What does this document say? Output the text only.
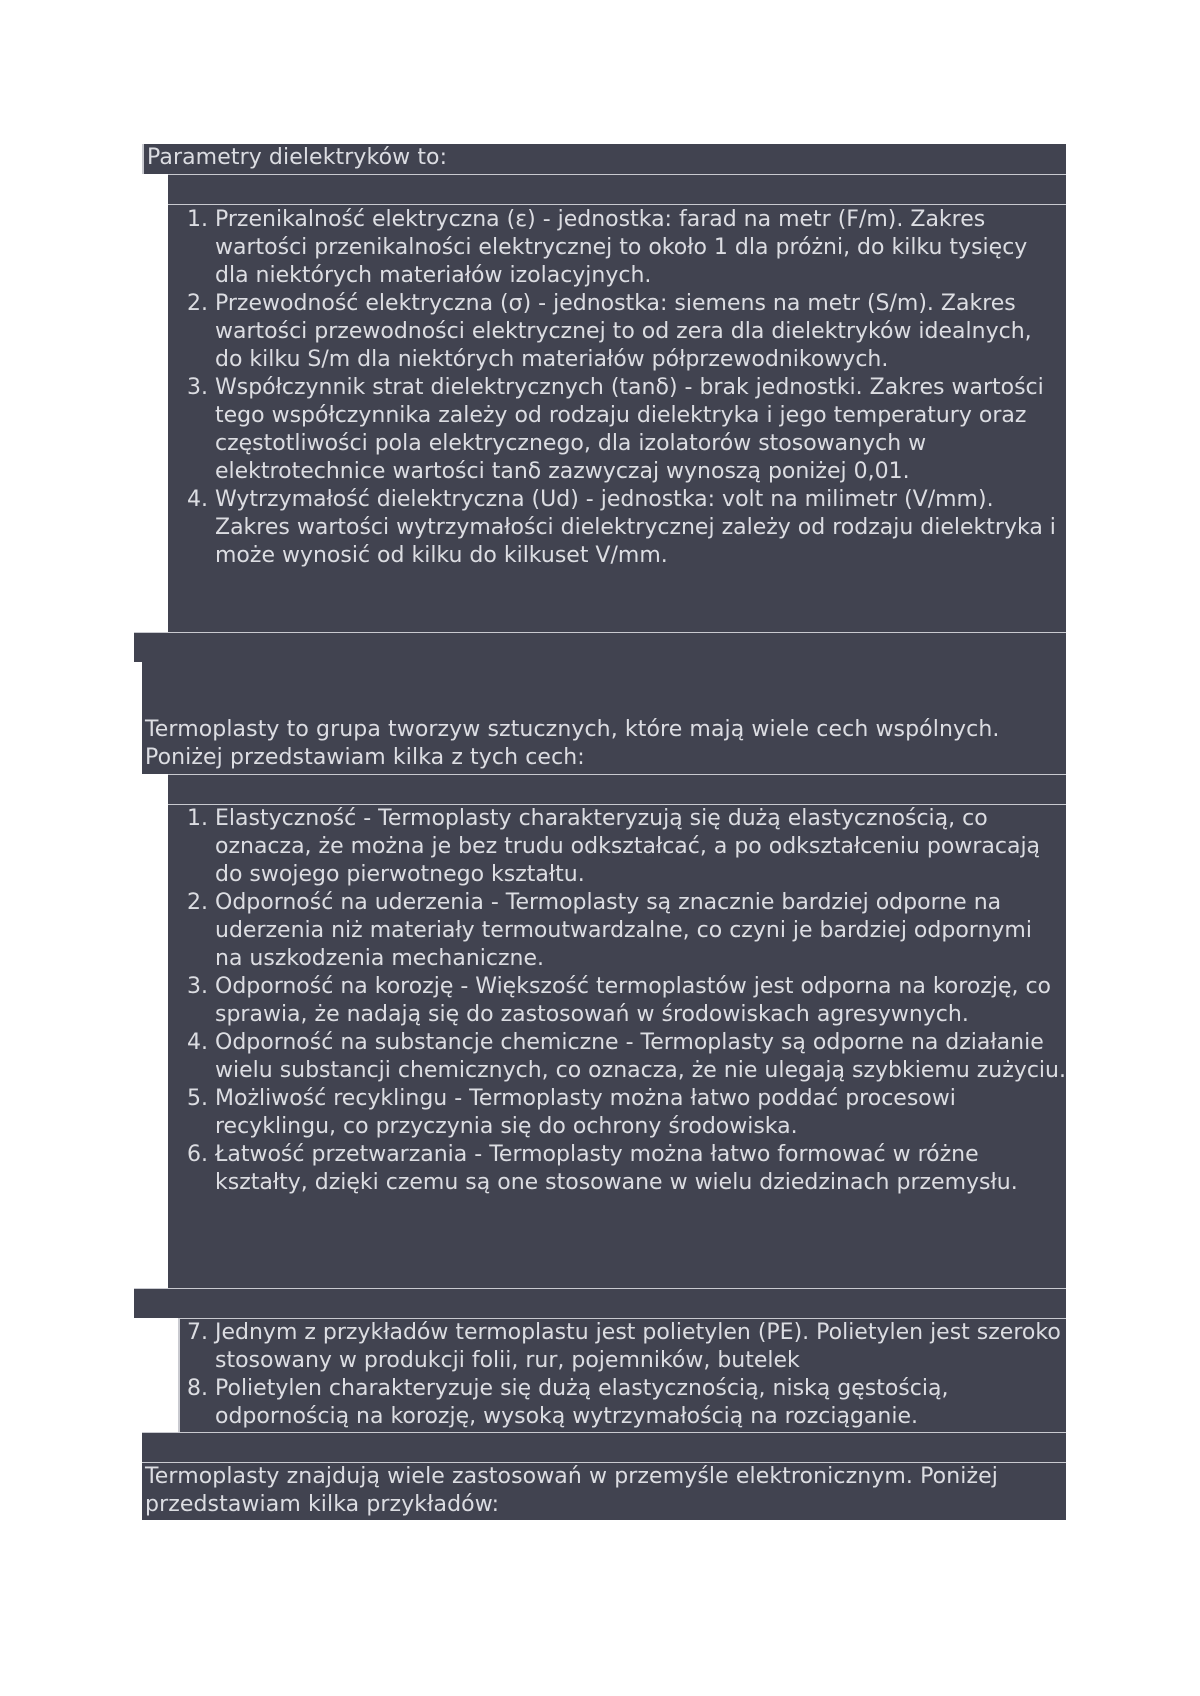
Parametry dielektryków to:

1. Przenikalność elektryczna (ε) - jednostka: farad na metr (F/m). Zakres wartości przenikalności elektrycznej to około 1 dla próżni, do kilku tysięcy dla niektórych materiałów izolacyjnych.
2. Przewodność elektryczna (σ) - jednostka: siemens na metr (S/m). Zakres wartości przewodności elektrycznej to od zera dla dielektryków idealnych, do kilku S/m dla niektórych materiałów półprzewodnikowych.
3. Współczynnik strat dielektrycznych (tanδ) - brak jednostki. Zakres wartości tego współczynnika zależy od rodzaju dielektryka i jego temperatury oraz częstotliwości pola elektrycznego, dla izolatorów stosowanych w elektrotechnice wartości tanδ zazwyczaj wynoszą poniżej 0,01.
4. Wytrzymałość dielektryczna (Ud) - jednostka: volt na milimetr (V/mm). Zakres wartości wytrzymałości dielektrycznej zależy od rodzaju dielektryka i może wynosić od kilku do kilkuset V/mm.

Termoplasty to grupa tworzyw sztucznych, które mają wiele cech wspólnych. Poniżej przedstawiam kilka z tych cech:

1. Elastyczność - Termoplasty charakteryzują się dużą elastycznością, co oznacza, że można je bez trudu odkształcać, a po odkształceniu powracają do swojego pierwotnego kształtu.
2. Odporność na uderzenia - Termoplasty są znacznie bardziej odporne na uderzenia niż materiały termoutwardzalne, co czyni je bardziej odpornymi na uszkodzenia mechaniczne.
3. Odporność na korozję - Większość termoplastów jest odporna na korozję, co sprawia, że nadają się do zastosowań w środowiskach agresywnych.
4. Odporność na substancje chemiczne - Termoplasty są odporne na działanie wielu substancji chemicznych, co oznacza, że nie ulegają szybkiemu zużyciu.
5. Możliwość recyklingu - Termoplasty można łatwo poddać procesowi recyklingu, co przyczynia się do ochrony środowiska.
6. Łatwość przetwarzania - Termoplasty można łatwo formować w różne kształty, dzięki czemu są one stosowane w wielu dziedzinach przemysłu.
7. Jednym z przykładów termoplastu jest polietylen (PE). Polietylen jest szeroko stosowany w produkcji folii, rur, pojemników, butelek
8. Polietylen charakteryzuje się dużą elastycznością, niską gęstością, odpornością na korozję, wysoką wytrzymałością na rozciąganie.

Termoplasty znajdują wiele zastosowań w przemyśle elektronicznym. Poniżej przedstawiam kilka przykładów:
